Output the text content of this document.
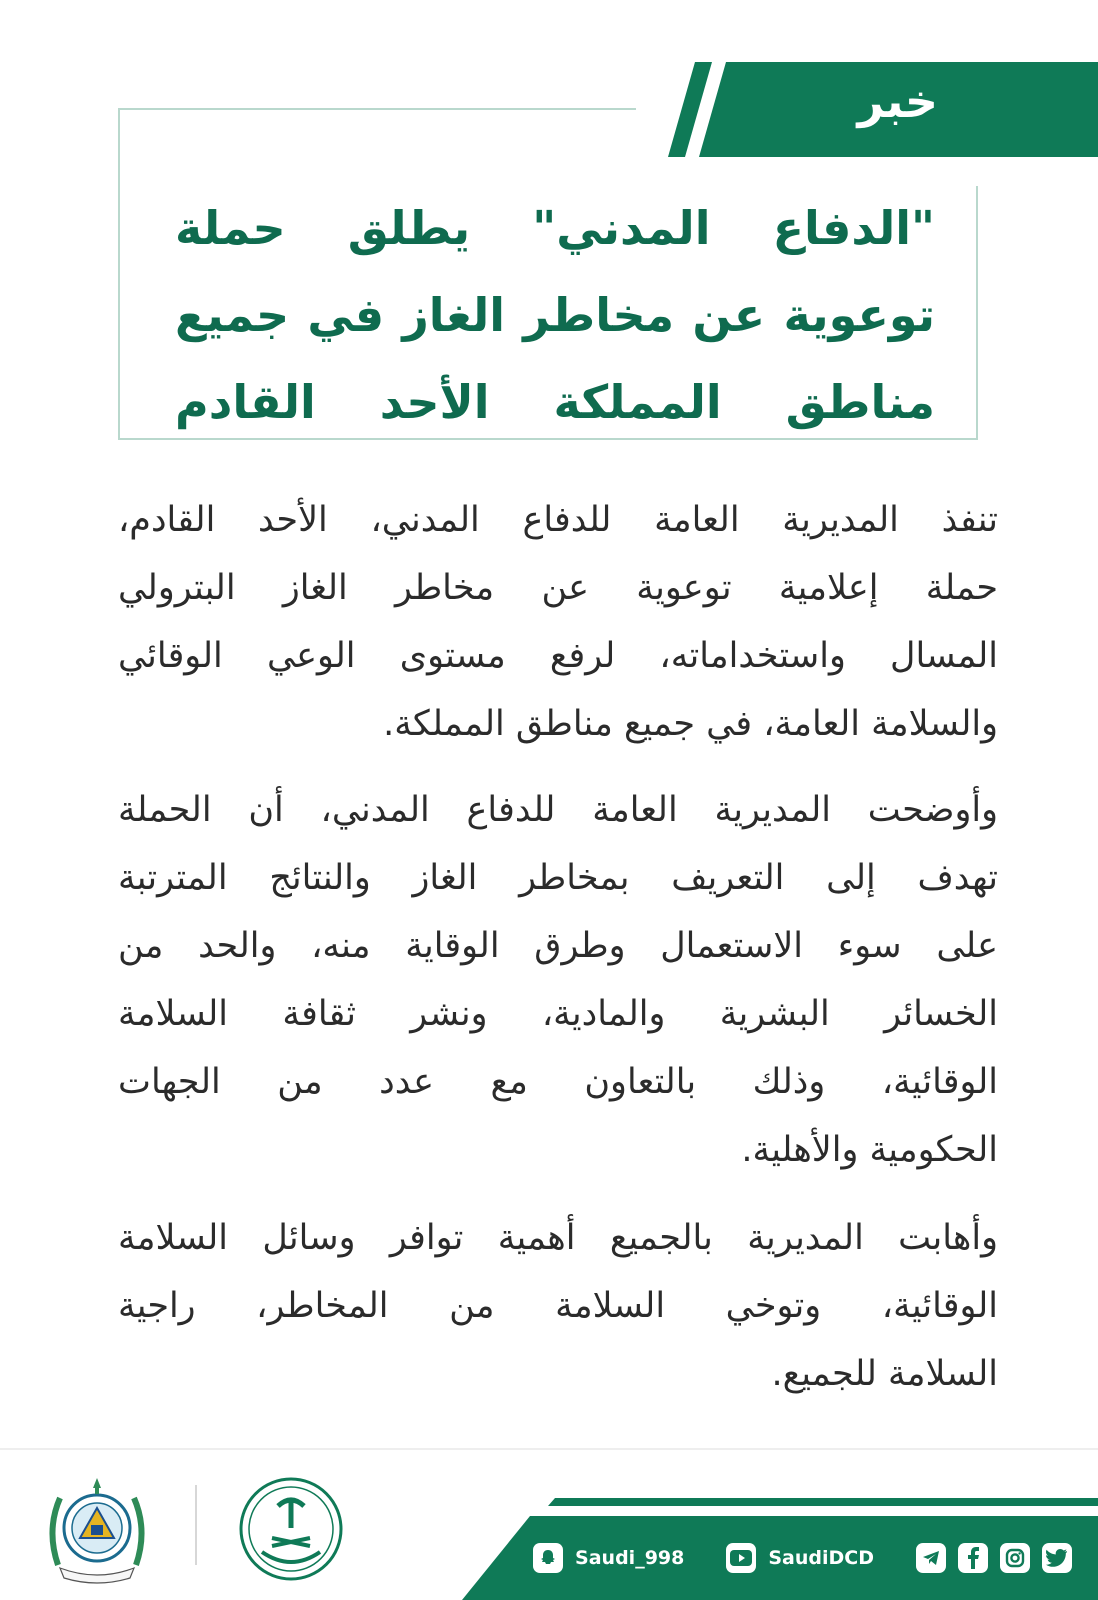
خبر
"الدفاع المدني" يطلق حملة
توعوية عن مخاطر الغاز في جميع
مناطق المملكة الأحد القادم
تنفذ المديرية العامة للدفاع المدني، الأحد القادم،
حملة إعلامية توعوية عن مخاطر الغاز البترولي
المسال واستخداماته، لرفع مستوى الوعي الوقائي
والسلامة العامة، في جميع مناطق المملكة.
وأوضحت المديرية العامة للدفاع المدني، أن الحملة
تهدف إلى التعريف بمخاطر الغاز والنتائج المترتبة
على سوء الاستعمال وطرق الوقاية منه، والحد من
الخسائر البشرية والمادية، ونشر ثقافة السلامة
الوقائية، وذلك بالتعاون مع عدد من الجهات
الحكومية والأهلية.
وأهابت المديرية بالجميع أهمية توافر وسائل السلامة
الوقائية، وتوخي السلامة من المخاطر، راجية
السلامة للجميع.
Saudi_998	SaudiDCD
